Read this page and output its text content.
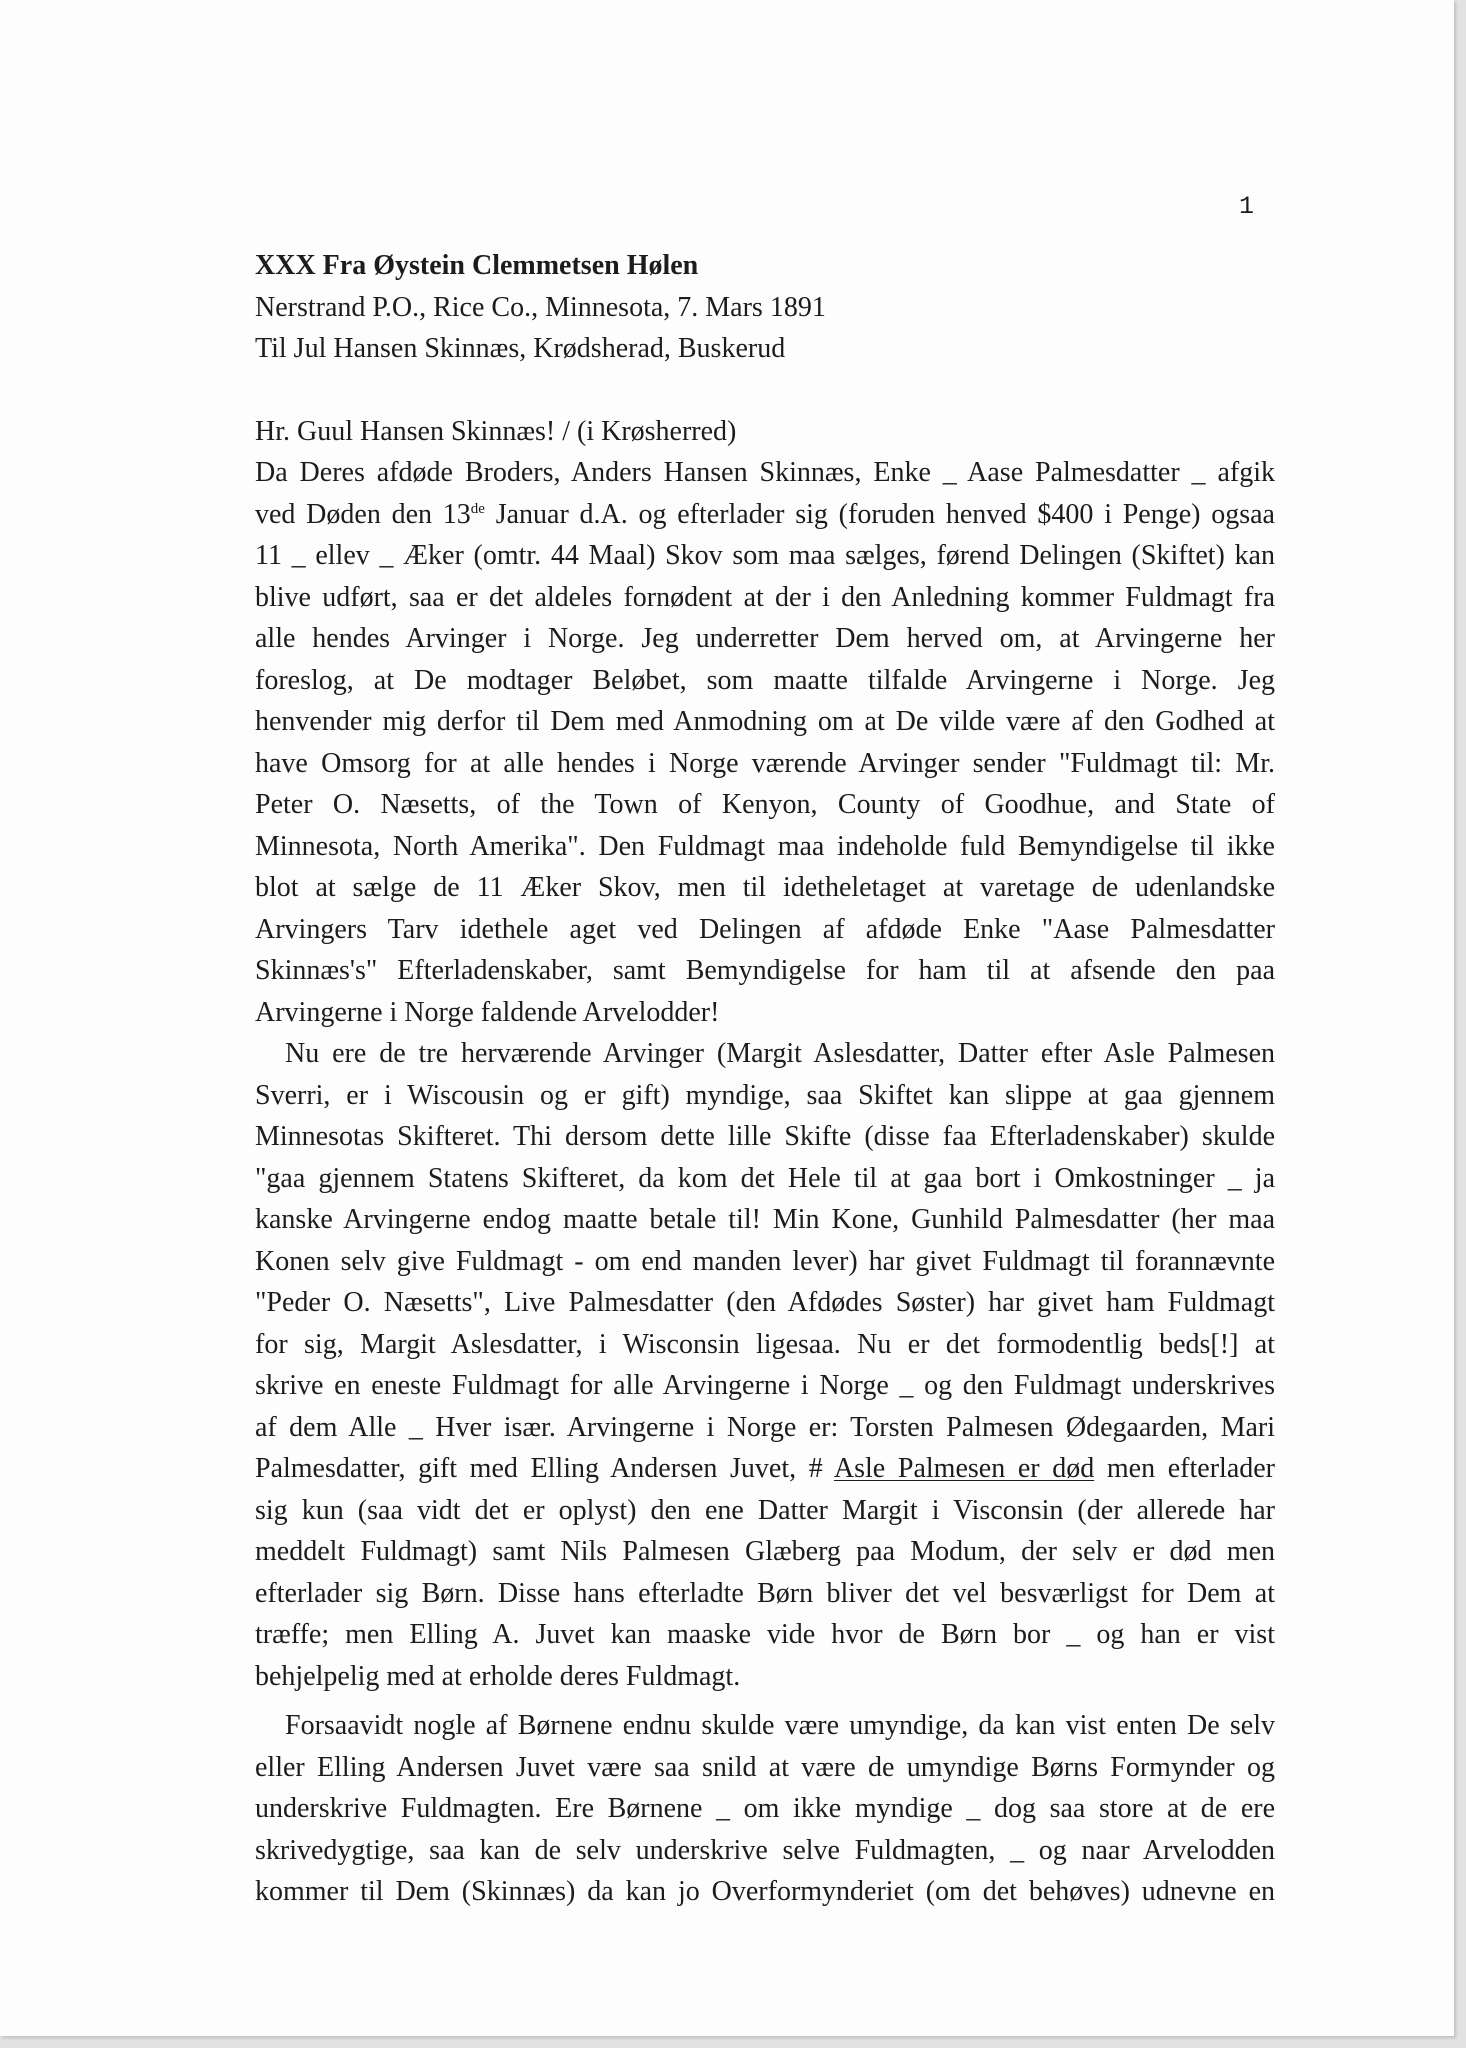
1
XXX Fra Øystein Clemmetsen Hølen
Nerstrand P.O., Rice Co., Minnesota, 7. Mars 1891
Til Jul Hansen Skinnæs, Krødsherad, Buskerud
Hr. Guul Hansen Skinnæs! / (i Krøsherred)
Da Deres afdøde Broders, Anders Hansen Skinnæs, Enke _ Aase Palmesdatter _ afgik
ved Døden den 13de Januar d.A. og efterlader sig (foruden henved $400 i Penge) ogsaa
11 _ ellev _ Æker (omtr. 44 Maal) Skov som maa sælges, førend Delingen (Skiftet) kan
blive udført, saa er det aldeles fornødent at der i den Anledning kommer Fuldmagt fra
alle hendes Arvinger i Norge. Jeg underretter Dem herved om, at Arvingerne her
foreslog, at De modtager Beløbet, som maatte tilfalde Arvingerne i Norge. Jeg
henvender mig derfor til Dem med Anmodning om at De vilde være af den Godhed at
have Omsorg for at alle hendes i Norge værende Arvinger sender "Fuldmagt til: Mr.
Peter O. Næsetts, of the Town of Kenyon, County of Goodhue, and State of
Minnesota, North Amerika". Den Fuldmagt maa indeholde fuld Bemyndigelse til ikke
blot at sælge de 11 Æker Skov, men til idetheletaget at varetage de udenlandske
Arvingers Tarv idethele aget ved Delingen af afdøde Enke "Aase Palmesdatter
Skinnæs's" Efterladenskaber, samt Bemyndigelse for ham til at afsende den paa
Arvingerne i Norge faldende Arvelodder!
Nu ere de tre herværende Arvinger (Margit Aslesdatter, Datter efter Asle Palmesen
Sverri, er i Wiscousin og er gift) myndige, saa Skiftet kan slippe at gaa gjennem
Minnesotas Skifteret. Thi dersom dette lille Skifte (disse faa Efterladenskaber) skulde
"gaa gjennem Statens Skifteret, da kom det Hele til at gaa bort i Omkostninger _ ja
kanske Arvingerne endog maatte betale til! Min Kone, Gunhild Palmesdatter (her maa
Konen selv give Fuldmagt - om end manden lever) har givet Fuldmagt til forannævnte
"Peder O. Næsetts", Live Palmesdatter (den Afdødes Søster) har givet ham Fuldmagt
for sig, Margit Aslesdatter, i Wisconsin ligesaa. Nu er det formodentlig beds[!] at
skrive en eneste Fuldmagt for alle Arvingerne i Norge _ og den Fuldmagt underskrives
af dem Alle _ Hver især. Arvingerne i Norge er: Torsten Palmesen Ødegaarden, Mari
Palmesdatter, gift med Elling Andersen Juvet, # Asle Palmesen er død men efterlader
sig kun (saa vidt det er oplyst) den ene Datter Margit i Visconsin (der allerede har
meddelt Fuldmagt) samt Nils Palmesen Glæberg paa Modum, der selv er død men
efterlader sig Børn. Disse hans efterladte Børn bliver det vel besværligst for Dem at
træffe; men Elling A. Juvet kan maaske vide hvor de Børn bor _ og han er vist
behjelpelig med at erholde deres Fuldmagt.
Forsaavidt nogle af Børnene endnu skulde være umyndige, da kan vist enten De selv
eller Elling Andersen Juvet være saa snild at være de umyndige Børns Formynder og
underskrive Fuldmagten. Ere Børnene _ om ikke myndige _ dog saa store at de ere
skrivedygtige, saa kan de selv underskrive selve Fuldmagten, _ og naar Arvelodden
kommer til Dem (Skinnæs) da kan jo Overformynderiet (om det behøves) udnevne en
